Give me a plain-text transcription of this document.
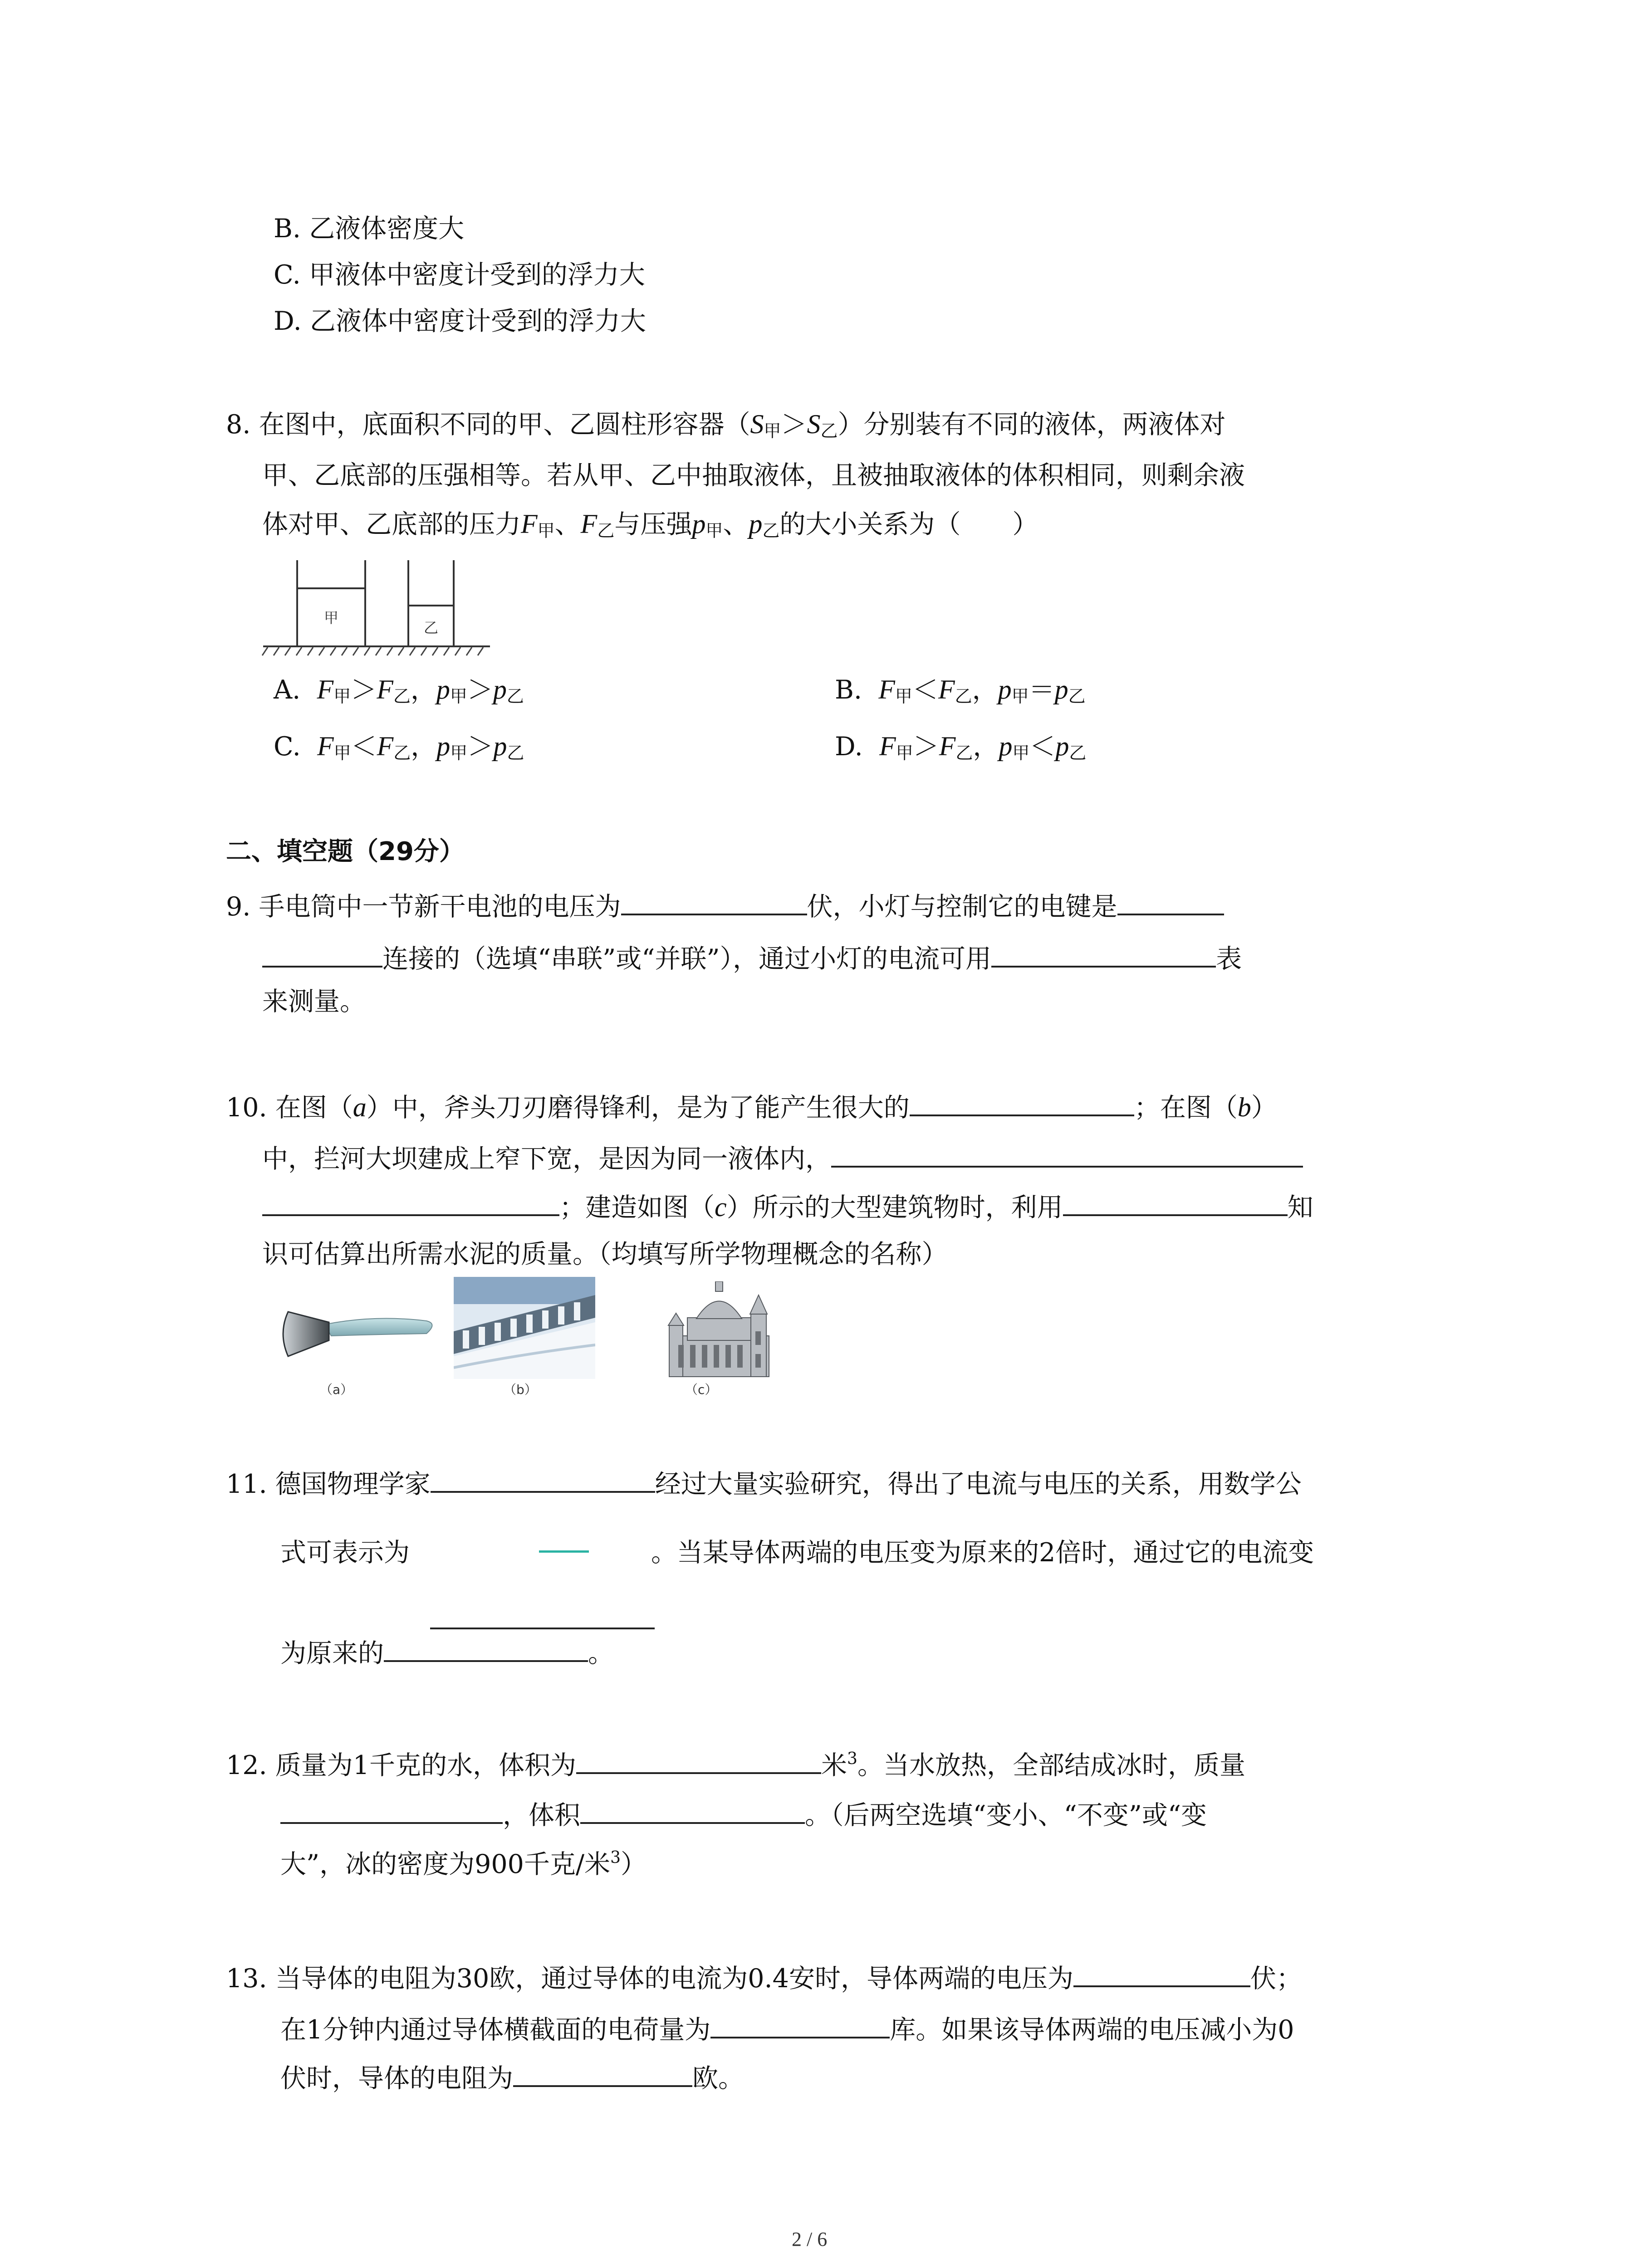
B. 乙液体密度大
C. 甲液体中密度计受到的浮力大
D. 乙液体中密度计受到的浮力大
8. 在图中，底面积不同的甲、乙圆柱形容器$(S_甲>S_乙)$分别装有不同的液体，两液体对
甲、乙底部的压强相等。若从甲、乙中抽取液体，且被抽取液体的体积相同，则剩余液
体对甲、乙底部的压力$F_甲$、$F_乙$与压强$p_甲$、$p_乙$的大小关系为（　　）
甲
乙
A. $F_甲>F_乙$，$p_甲>p_乙$	B. $F_甲<F_乙$，$p_甲=p_乙$
C. $F_甲<F_乙$，$p_甲>p_乙$	D. $F_甲>F_乙$，$p_甲<p_乙$
二、填空题（29分）
9. 手电筒中一节新干电池的电压为	伏，小灯与控制它的电键是
连接的（选填“串联”或“并联”），通过小灯的电流可用	表
来测量。
10. 在图（a）中，斧头刀刃磨得锋利，是为了能产生很大的	；在图（b）
中，拦河大坝建成上窄下宽，是因为同一液体内，
；建造如图（c）所示的大型建筑物时，利用	知
识可估算出所需水泥的质量。（均填写所学物理概念的名称）
（a）	（b）	（c）
11. 德国物理学家	经过大量实验研究，得出了电流与电压的关系，用数学公
式可表示为	。当某导体两端的电压变为原来的2倍时，通过它的电流变
为原来的	。
12. 质量为1千克的水，体积为	米$^3$。当水放热，全部结成冰时，质量
，体积	。（后两空选填“变小、“不变”或“变
大”，冰的密度为900千克/米$^3$）
13. 当导体的电阻为30欧，通过导体的电流为0.4安时，导体两端的电压为	伏；
在1分钟内通过导体横截面的电荷量为	库。如果该导体两端的电压减小为0
伏时，导体的电阻为	欧。
2 / 6
